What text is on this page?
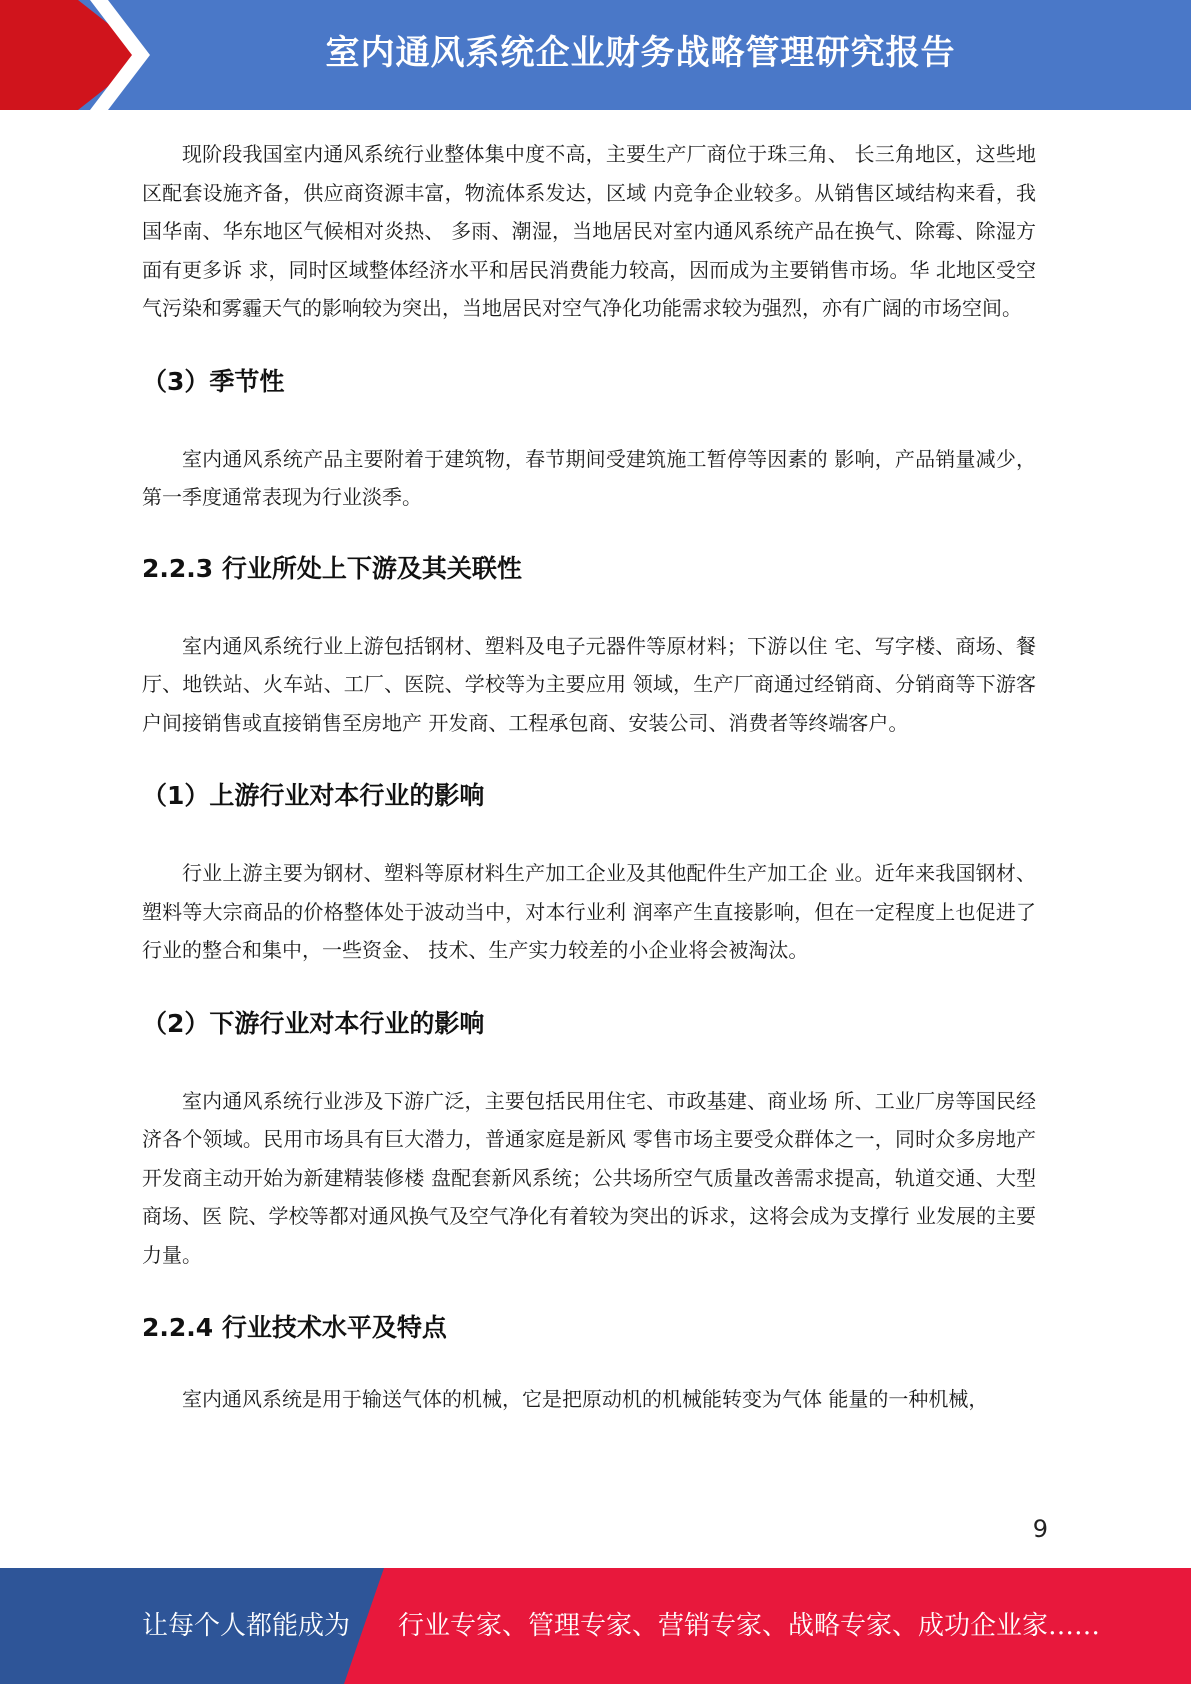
室内通风系统企业财务战略管理研究报告

现阶段我国室内通风系统行业整体集中度不高，主要生产厂商位于珠三角、 长三角地区，这些地区配套设施齐备，供应商资源丰富，物流体系发达，区域 内竞争企业较多。从销售区域结构来看，我国华南、华东地区气候相对炎热、 多雨、潮湿，当地居民对室内通风系统产品在换气、除霉、除湿方面有更多诉 求，同时区域整体经济水平和居民消费能力较高，因而成为主要销售市场。华 北地区受空气污染和雾霾天气的影响较为突出，当地居民对空气净化功能需求较为强烈，亦有广阔的市场空间。

（3）季节性

室内通风系统产品主要附着于建筑物，春节期间受建筑施工暂停等因素的 影响，产品销量减少，第一季度通常表现为行业淡季。

2.2.3 行业所处上下游及其关联性

室内通风系统行业上游包括钢材、塑料及电子元器件等原材料；下游以住 宅、写字楼、商场、餐厅、地铁站、火车站、工厂、医院、学校等为主要应用 领域，生产厂商通过经销商、分销商等下游客户间接销售或直接销售至房地产 开发商、工程承包商、安装公司、消费者等终端客户。

（1）上游行业对本行业的影响

行业上游主要为钢材、塑料等原材料生产加工企业及其他配件生产加工企 业。近年来我国钢材、塑料等大宗商品的价格整体处于波动当中，对本行业利 润率产生直接影响，但在一定程度上也促进了行业的整合和集中，一些资金、 技术、生产实力较差的小企业将会被淘汰。

（2）下游行业对本行业的影响

室内通风系统行业涉及下游广泛，主要包括民用住宅、市政基建、商业场 所、工业厂房等国民经济各个领域。民用市场具有巨大潜力，普通家庭是新风 零售市场主要受众群体之一，同时众多房地产开发商主动开始为新建精装修楼 盘配套新风系统；公共场所空气质量改善需求提高，轨道交通、大型商场、医 院、学校等都对通风换气及空气净化有着较为突出的诉求，这将会成为支撑行 业发展的主要力量。

2.2.4 行业技术水平及特点

室内通风系统是用于输送气体的机械，它是把原动机的机械能转变为气体 能量的一种机械，

9
让每个人都能成为 行业专家、管理专家、营销专家、战略专家、成功企业家……
